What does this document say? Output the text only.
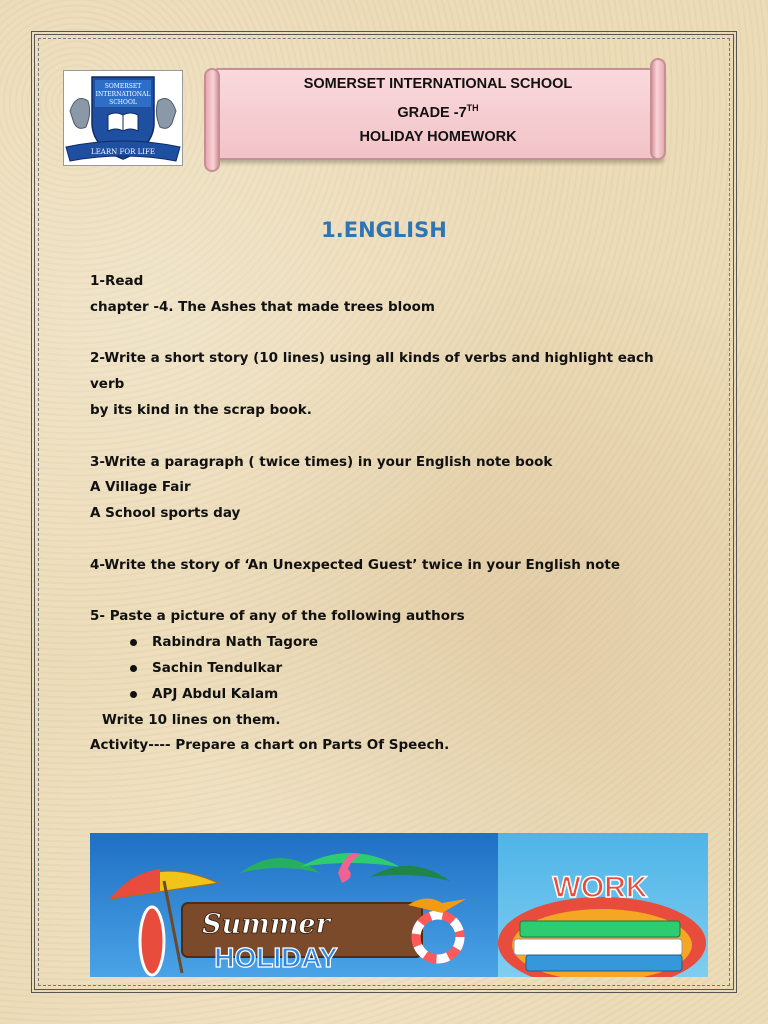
SOMERSET
INTERNATIONAL
SCHOOL
LEARN FOR LIFE
SOMERSET INTERNATIONAL SCHOOL
GRADE -7TH
HOLIDAY HOMEWORK
1.ENGLISH

1-Read

chapter -4. The Ashes that made trees bloom

2-Write a short story (10 lines) using all kinds of verbs and highlight each verb

by its kind in the scrap book.

3-Write a paragraph ( twice times) in your English note book

A Village Fair

A School sports day

4-Write the story of ‘An Unexpected Guest’ twice in your English note

5- Paste a picture of any of the following authors

Rabindra Nath Tagore
Sachin Tendulkar
APJ Abdul Kalam

Write 10 lines on them.

Activity---- Prepare a chart on Parts Of Speech.

Summer
HOLIDAY
WORK
